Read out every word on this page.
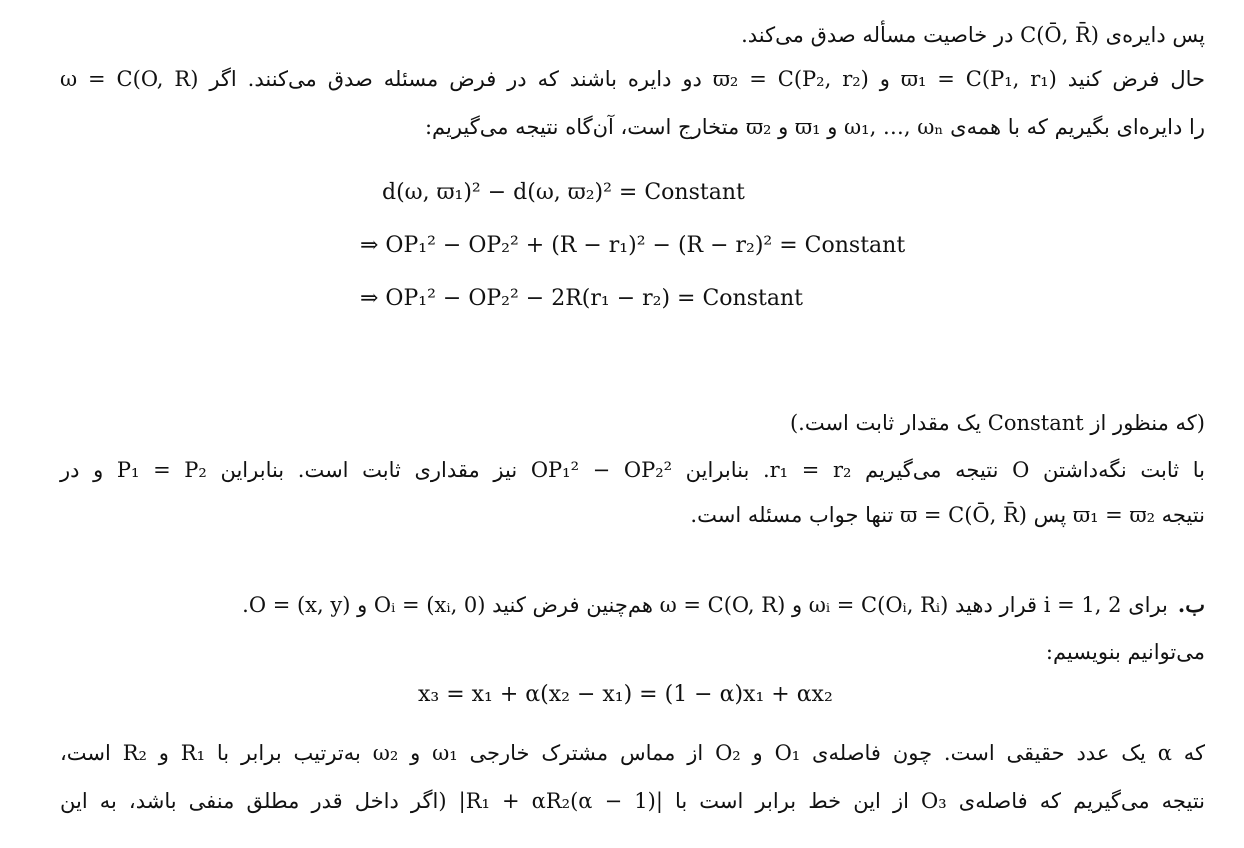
پس دایره‌ی C(Ō, R̄) در خاصیت مسأله صدق می‌کند.
حال فرض کنید ϖ₁ = C(P₁, r₁) و ϖ₂ = C(P₂, r₂) دو دایره باشند که در فرض مسئله صدق می‌کنند. اگر ω = C(O, R)
را دایره‌ای بگیریم که با همه‌ی ω₁, …, ωₙ و ϖ₁ و ϖ₂ متخارج است، آن‌گاه نتیجه می‌گیریم:
d(ω, ϖ₁)² − d(ω, ϖ₂)² = Constant
⇒ OP₁² − OP₂² + (R − r₁)² − (R − r₂)² = Constant
⇒ OP₁² − OP₂² − 2R(r₁ − r₂) = Constant
(که منظور از Constant یک مقدار ثابت است.)
با ثابت نگه‌داشتن O نتیجه می‌گیریم r₁ = r₂. بنابراین OP₁² − OP₂² نیز مقداری ثابت است. بنابراین P₁ = P₂ و در
نتیجه ϖ₁ = ϖ₂ پس ϖ = C(Ō, R̄) تنها جواب مسئله است.
ب.
برای i = 1, 2 قرار دهید ωᵢ = C(Oᵢ, Rᵢ) و ω = C(O, R) هم‌چنین فرض کنید Oᵢ = (xᵢ, 0) و O = (x, y).
می‌توانیم بنویسیم:
x₃ = x₁ + α(x₂ − x₁) = (1 − α)x₁ + αx₂
که α یک عدد حقیقی است. چون فاصله‌ی O₁ و O₂ از مماس مشترک خارجی ω₁ و ω₂ به‌ترتیب برابر با R₁ و R₂ است،
نتیجه می‌گیریم که فاصله‌ی O₃ از این خط برابر است با |(1 − α)R₁ + αR₂| (اگر داخل قدر مطلق منفی باشد، به این
